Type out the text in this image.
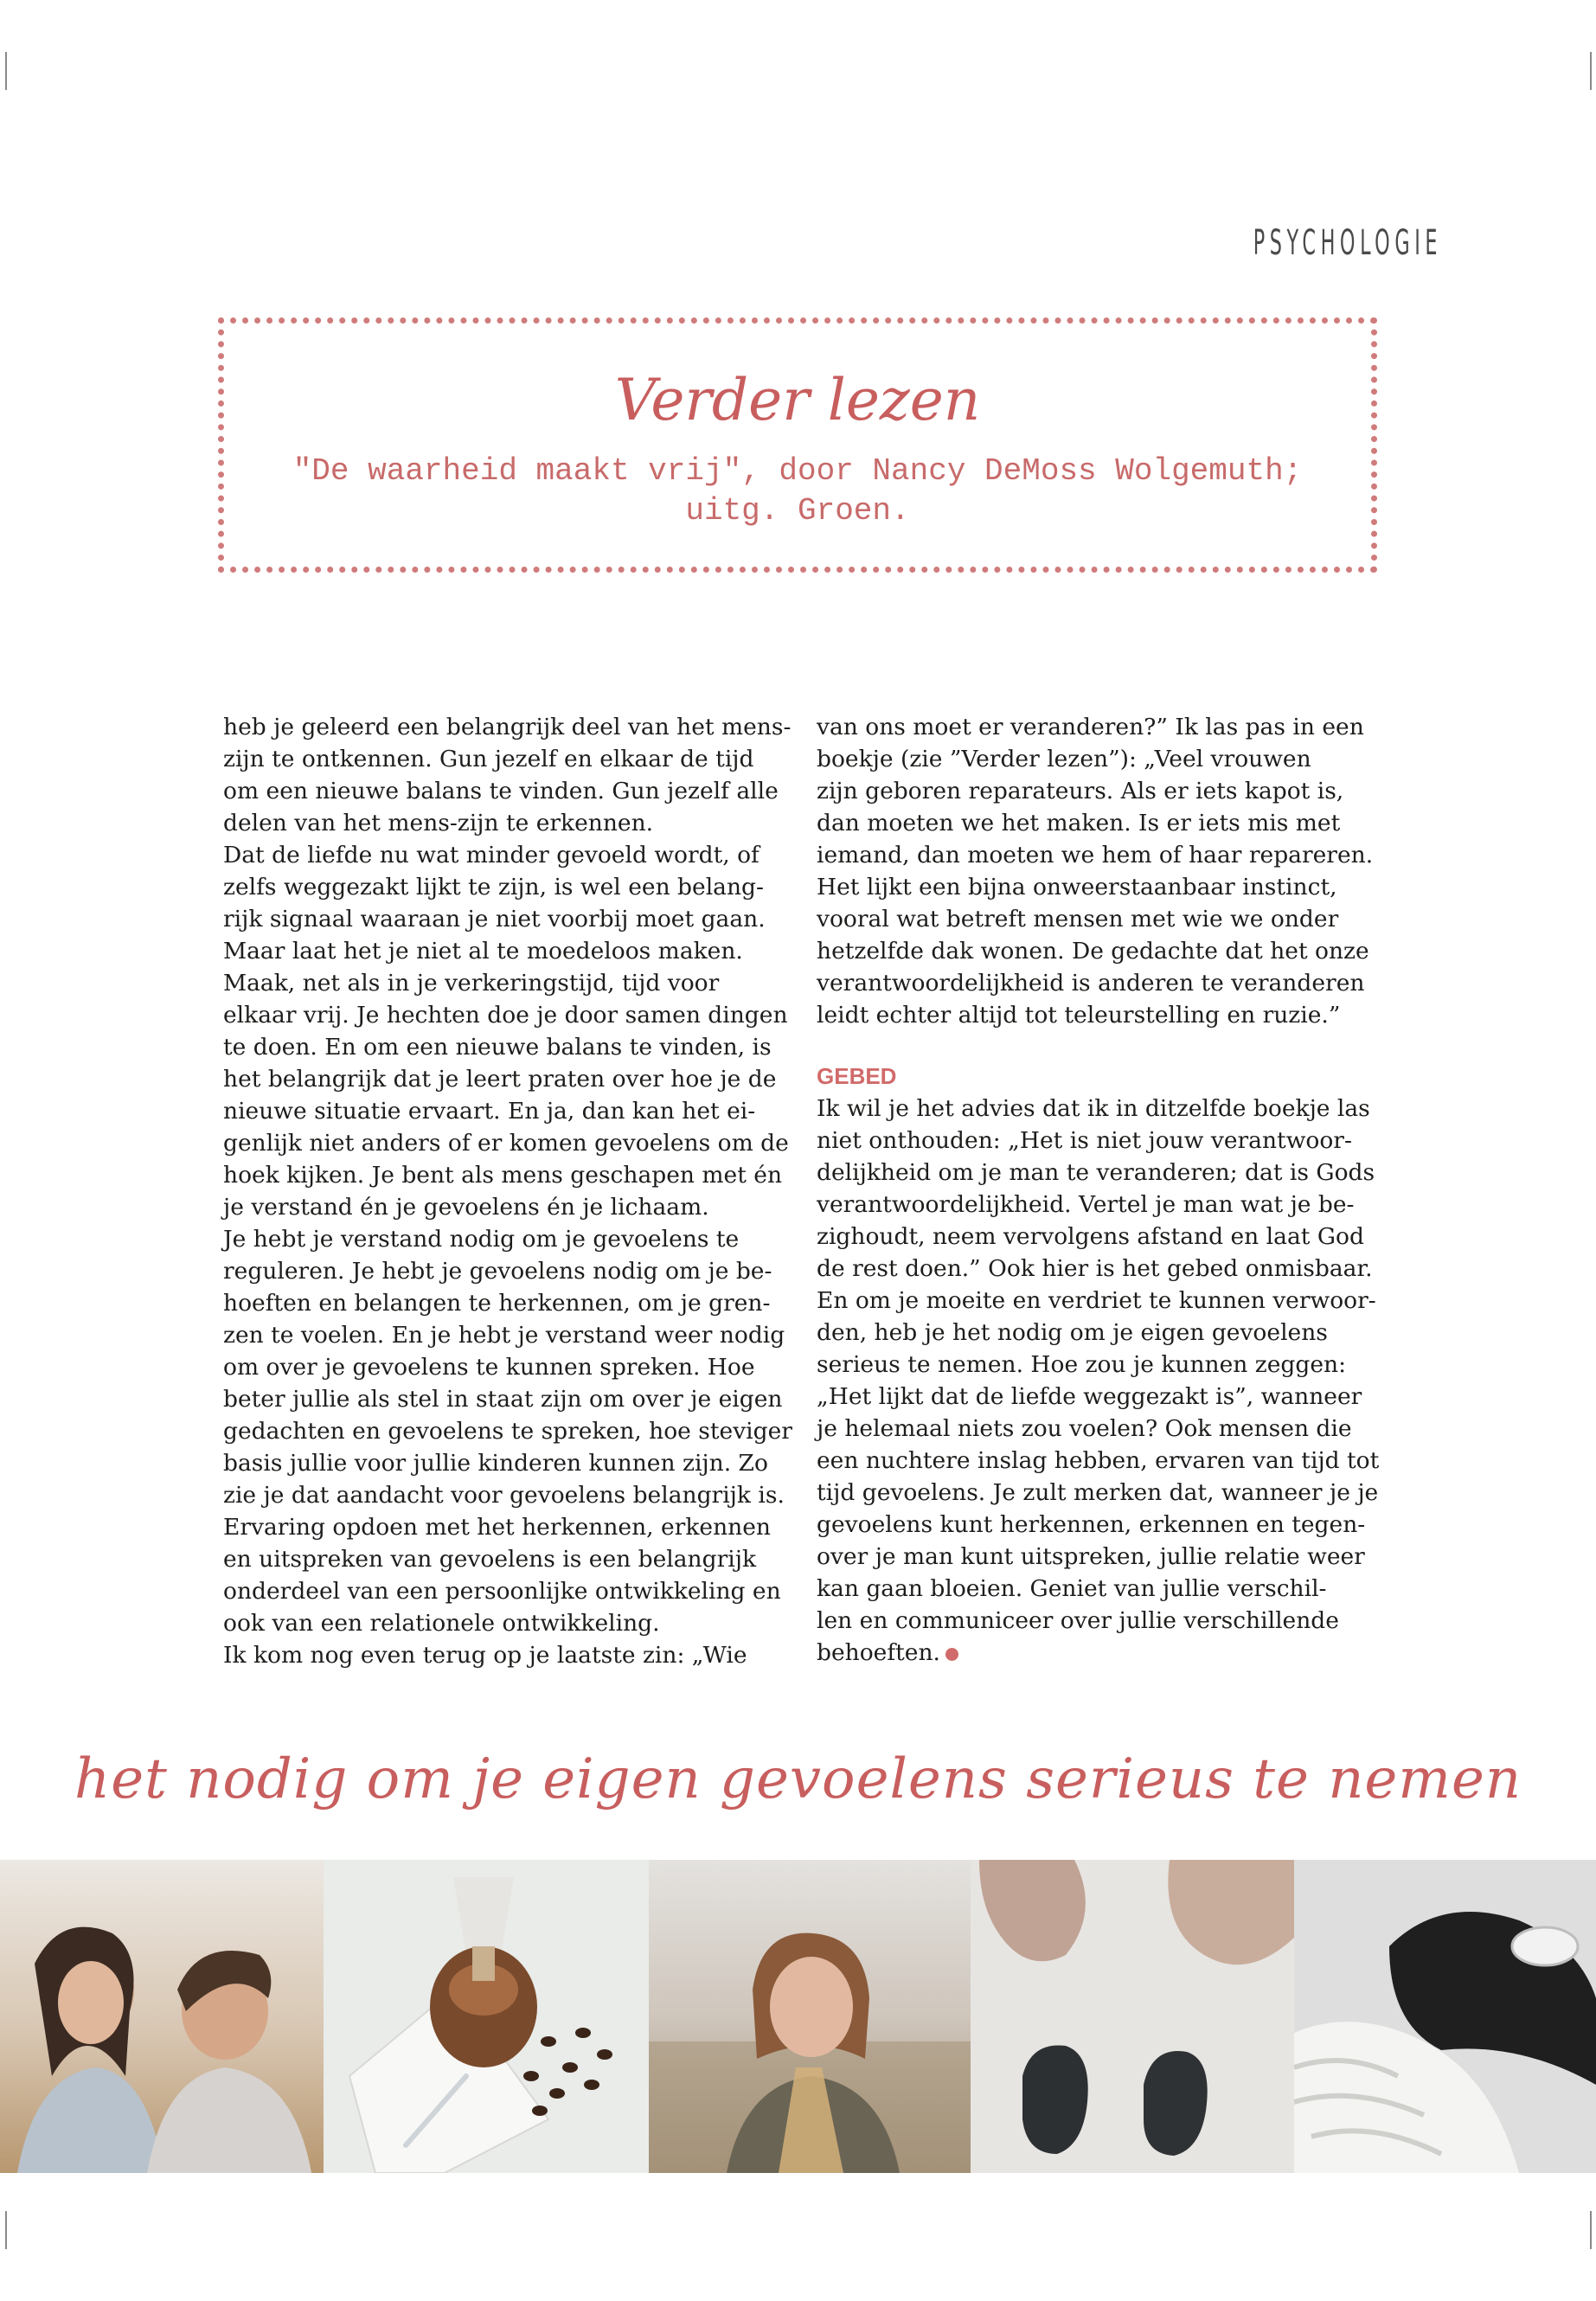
PSYCHOLOGIE
Verder lezen
"De waarheid maakt vrij", door Nancy DeMoss Wolgemuth;
uitg. Groen.
heb je geleerd een belangrijk deel van het mens-
zijn te ontkennen. Gun jezelf en elkaar de tijd
om een nieuwe balans te vinden. Gun jezelf alle
delen van het mens-zijn te erkennen.
Dat de liefde nu wat minder gevoeld wordt, of
zelfs weggezakt lijkt te zijn, is wel een belang-
rijk signaal waaraan je niet voorbij moet gaan.
Maar laat het je niet al te moedeloos maken.
Maak, net als in je verkeringstijd, tijd voor
elkaar vrij. Je hechten doe je door samen dingen
te doen. En om een nieuwe balans te vinden, is
het belangrijk dat je leert praten over hoe je de
nieuwe situatie ervaart. En ja, dan kan het ei-
genlijk niet anders of er komen gevoelens om de
hoek kijken. Je bent als mens geschapen met én
je verstand én je gevoelens én je lichaam.
Je hebt je verstand nodig om je gevoelens te
reguleren. Je hebt je gevoelens nodig om je be-
hoeften en belangen te herkennen, om je gren-
zen te voelen. En je hebt je verstand weer nodig
om over je gevoelens te kunnen spreken. Hoe
beter jullie als stel in staat zijn om over je eigen
gedachten en gevoelens te spreken, hoe steviger
basis jullie voor jullie kinderen kunnen zijn. Zo
zie je dat aandacht voor gevoelens belangrijk is.
Ervaring opdoen met het herkennen, erkennen
en uitspreken van gevoelens is een belangrijk
onderdeel van een persoonlijke ontwikkeling en
ook van een relationele ontwikkeling.
Ik kom nog even terug op je laatste zin: „Wie
van ons moet er veranderen?” Ik las pas in een
boekje (zie ”Verder lezen”): „Veel vrouwen
zijn geboren reparateurs. Als er iets kapot is,
dan moeten we het maken. Is er iets mis met
iemand, dan moeten we hem of haar repareren.
Het lijkt een bijna onweerstaanbaar instinct,
vooral wat betreft mensen met wie we onder
hetzelfde dak wonen. De gedachte dat het onze
verantwoordelijkheid is anderen te veranderen
leidt echter altijd tot teleurstelling en ruzie.”
GEBED
Ik wil je het advies dat ik in ditzelfde boekje las
niet onthouden: „Het is niet jouw verantwoor-
delijkheid om je man te veranderen; dat is Gods
verantwoordelijkheid. Vertel je man wat je be-
zighoudt, neem vervolgens afstand en laat God
de rest doen.” Ook hier is het gebed onmisbaar.
En om je moeite en verdriet te kunnen verwoor-
den, heb je het nodig om je eigen gevoelens
serieus te nemen. Hoe zou je kunnen zeggen:
„Het lijkt dat de liefde weggezakt is”, wanneer
je helemaal niets zou voelen? Ook mensen die
een nuchtere inslag hebben, ervaren van tijd tot
tijd gevoelens. Je zult merken dat, wanneer je je
gevoelens kunt herkennen, erkennen en tegen-
over je man kunt uitspreken, jullie relatie weer
kan gaan bloeien. Geniet van jullie verschil-
len en communiceer over jullie verschillende
behoeften.
het nodig om je eigen gevoelens serieus te nemen
